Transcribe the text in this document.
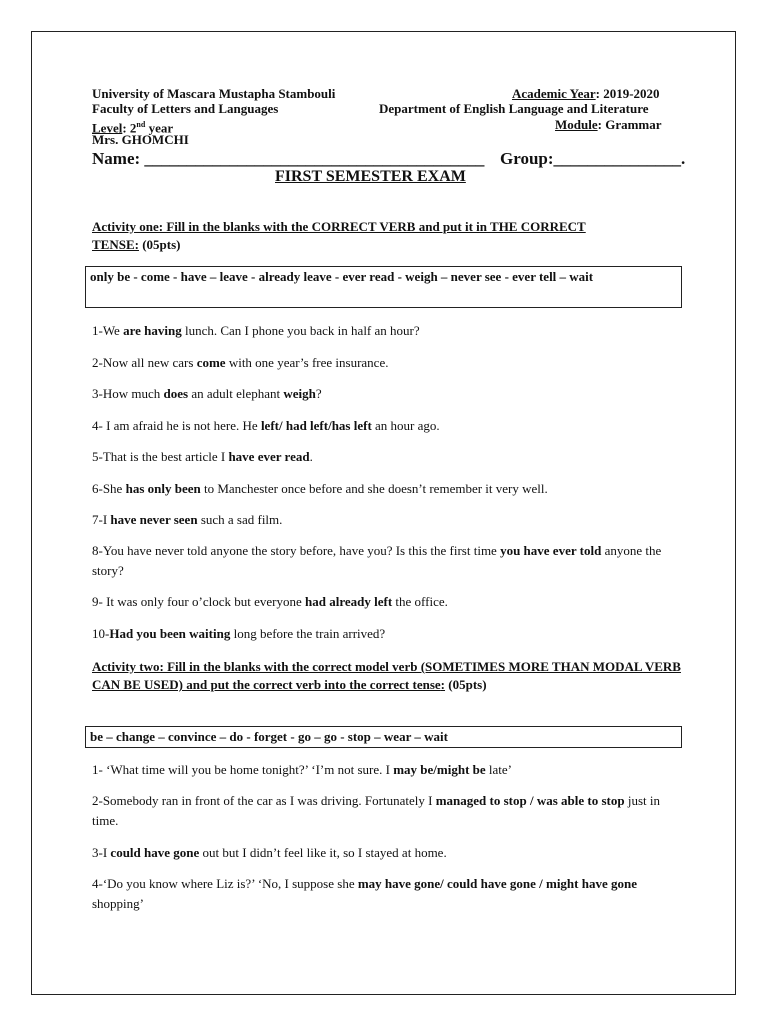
University of Mascara Mustapha Stambouli	Academic Year: 2019-2020
Faculty of Letters and Languages	Department of English Language and Literature
Level: 2nd year	Module: Grammar
Mrs. GHOMCHI
Name: ________________________________________ Group:_______________.
FIRST SEMESTER EXAM
Activity one: Fill in the blanks with the CORRECT VERB and put it in THE CORRECT TENSE: (05pts)
only be - come - have – leave - already leave - ever read - weigh – never see - ever tell – wait
1-We are having lunch. Can I phone you back in half an hour?
2-Now all new cars come with one year’s free insurance.
3-How much does an adult elephant weigh?
4- I am afraid he is not here. He left/ had left/has left an hour ago.
5-That is the best article I have ever read.
6-She has only been to Manchester once before and she doesn’t remember it very well.
7-I have never seen such a sad film.
8-You have never told anyone the story before, have you? Is this the first time you have ever told anyone the story?
9- It was only four o’clock but everyone had already left the office.
10-Had you been waiting long before the train arrived?
Activity two: Fill in the blanks with the correct model verb (SOMETIMES MORE THAN MODAL VERB CAN BE USED) and put the correct verb into the correct tense: (05pts)
be – change – convince – do - forget - go – go - stop – wear – wait
1- ‘What time will you be home tonight?’ ‘I’m not sure. I may be/might be late’
2-Somebody ran in front of the car as I was driving. Fortunately I managed to stop / was able to stop just in time.
3-I could have gone out but I didn’t feel like it, so I stayed at home.
4-‘Do you know where Liz is?’ ‘No, I suppose she may have gone/ could have gone / might have gone shopping’
